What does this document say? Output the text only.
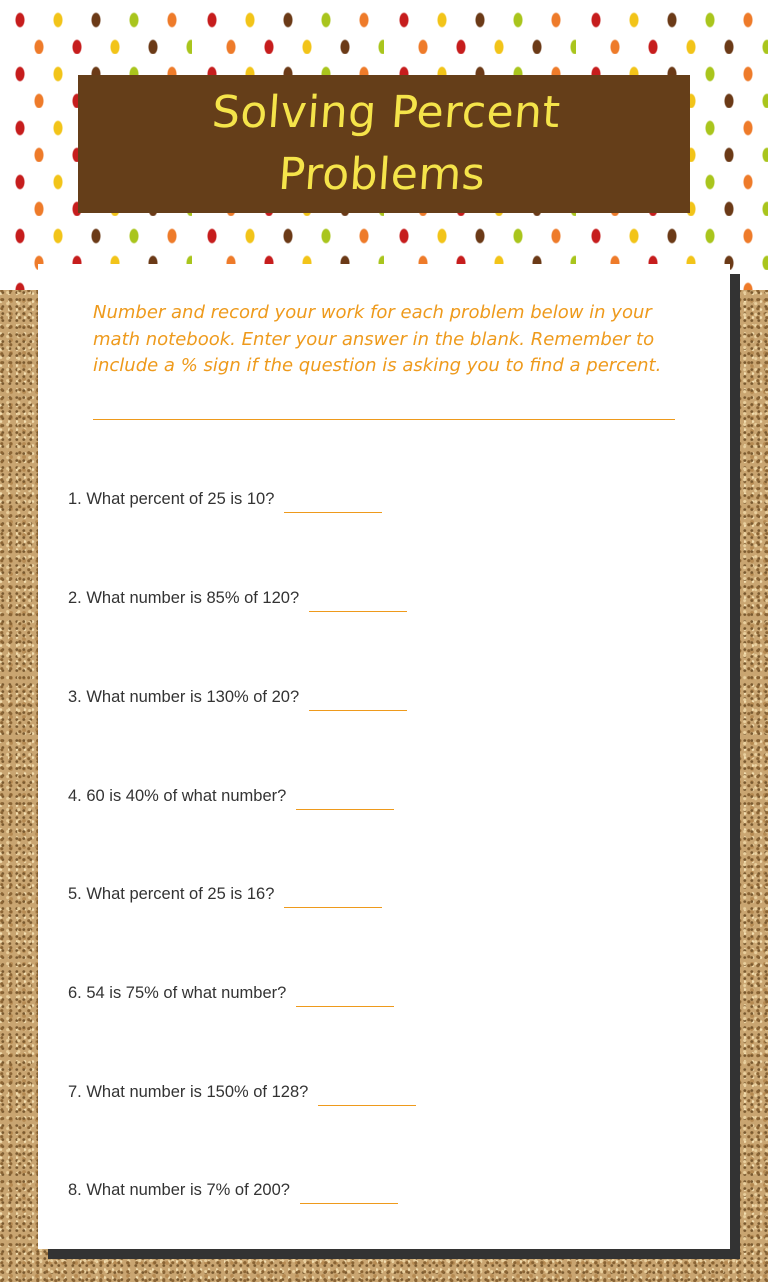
Solving Percent Problems
Number and record your work for each problem below in your math notebook. Enter your answer in the blank. Remember to include a % sign if the question is asking you to find a percent.
1. What percent of 25 is 10?
2. What number is 85% of 120?
3. What number is 130% of 20?
4. 60 is 40% of what number?
5. What percent of 25 is 16?
6. 54 is 75% of what number?
7. What number is 150% of 128?
8. What number is 7% of 200?
